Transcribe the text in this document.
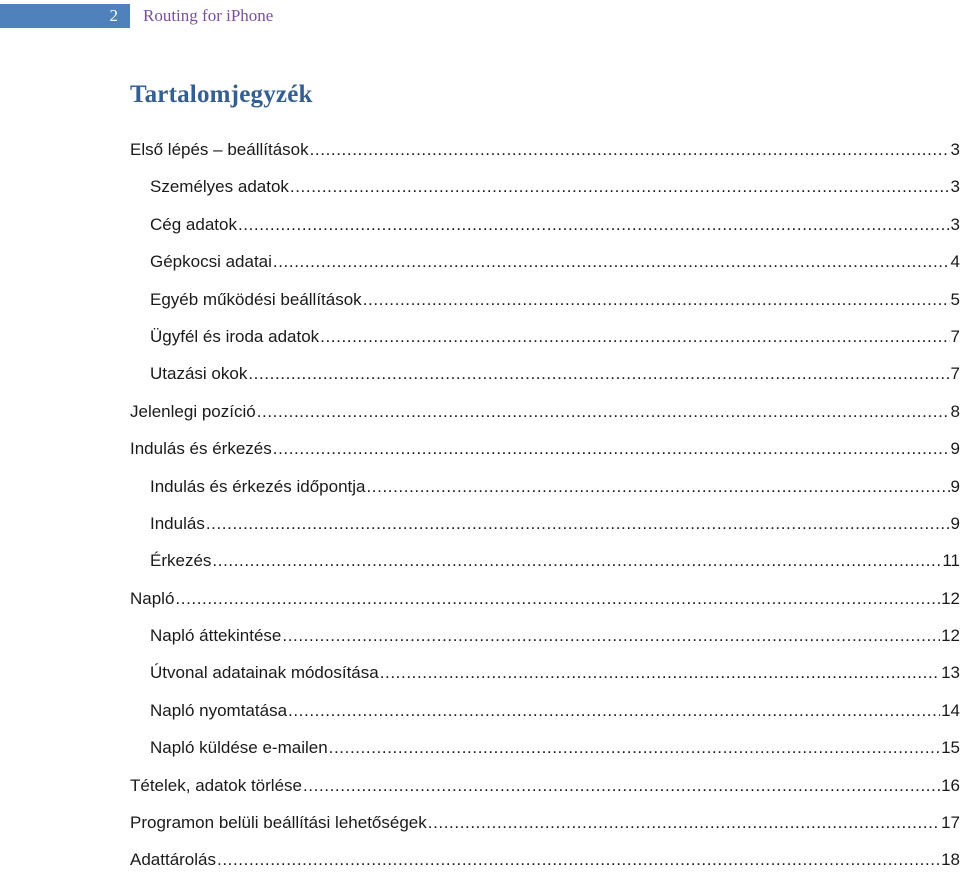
2	Routing for iPhone
Tartalomjegyzék
Első lépés – beállítások .....	3
Személyes adatok .....	3
Cég adatok .....	3
Gépkocsi adatai .....	4
Egyéb működési beállítások .....	5
Ügyfél és iroda adatok .....	7
Utazási okok .....	7
Jelenlegi pozíció .....	8
Indulás és érkezés .....	9
Indulás és érkezés időpontja .....	9
Indulás .....	9
Érkezés .....	11
Napló .....	12
Napló áttekintése .....	12
Útvonal adatainak módosítása .....	13
Napló nyomtatása .....	14
Napló küldése e-mailen .....	15
Tételek, adatok törlése .....	16
Programon belüli beállítási lehetőségek .....	17
Adattárolás .....	18
